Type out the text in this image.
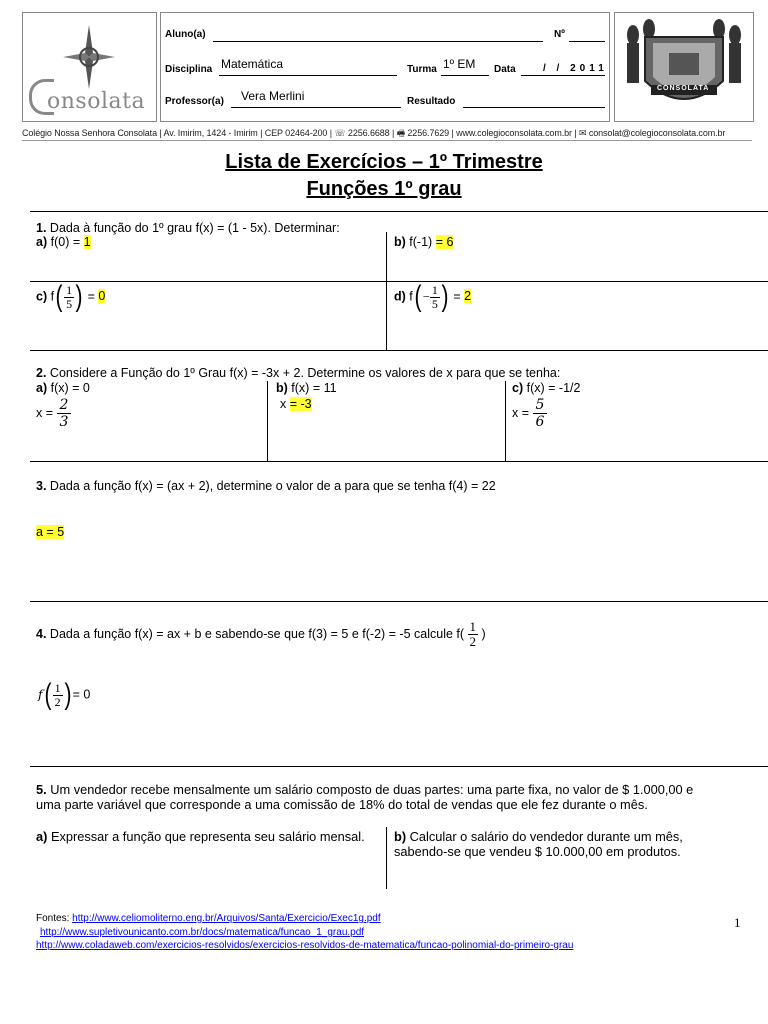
onsolata
Aluno(a)	Nº
Disciplina Matemática	Turma 1º EM Data	/ / 2011
Professor(a) Vera Merlini	Resultado
CONSOLATA
Colégio Nossa Senhora Consolata | Av. Imirim, 1424 - Imirim | CEP 02464-200 | ☏ 2256.6688 | 🖷 2256.7629 | www.colegioconsolata.com.br | ✉ consolat@colegioconsolata.com.br
Lista de Exercícios – 1º Trimestre
Funções 1º grau
1. Dada à função do 1º grau f(x) = (1 - 5x). Determinar:
a) f(0) = 1	b) f(-1) = 6
c) $f( \frac{1}{5}$ ) = 0	d) $f( - \frac{1}{5}$ ) = 2
2. Considere a Função do 1º Grau f(x) = -3x + 2. Determine os valores de x para que se tenha:
a) f(x) = 0
$x = \frac{2}{3}$
b) f(x) = 11
x = -3
c) f(x) = -1/2
$x = \frac{5}{6}$
3. Dada a função f(x) = (ax + 2), determine o valor de a para que se tenha f(4) = 22
a = 5
4. Dada a função f(x) = ax + b e sabendo-se que f(3) = 5 e f(-2) = -5 calcule $f( \frac{1}{2}$ )
$f( \frac{1}{2}$ ) = 0
5. Um vendedor recebe mensalmente um salário composto de duas partes: uma parte fixa, no valor de $ 1.000,00 e uma parte variável que corresponde a uma comissão de 18% do total de vendas que ele fez durante o mês.
a) Expressar a função que representa seu salário mensal.	b) Calcular o salário do vendedor durante um mês, sabendo-se que vendeu $ 10.000,00 em produtos.
Fontes: http://www.celiomoliterno.eng.br/Arquivos/Santa/Exercicio/Exec1g.pdf
http://www.supletivounicanto.com.br/docs/matematica/funcao_1_grau.pdf
http://www.coladaweb.com/exercicios-resolvidos/exercicios-resolvidos-de-matematica/funcao-polinomial-do-primeiro-grau
1
